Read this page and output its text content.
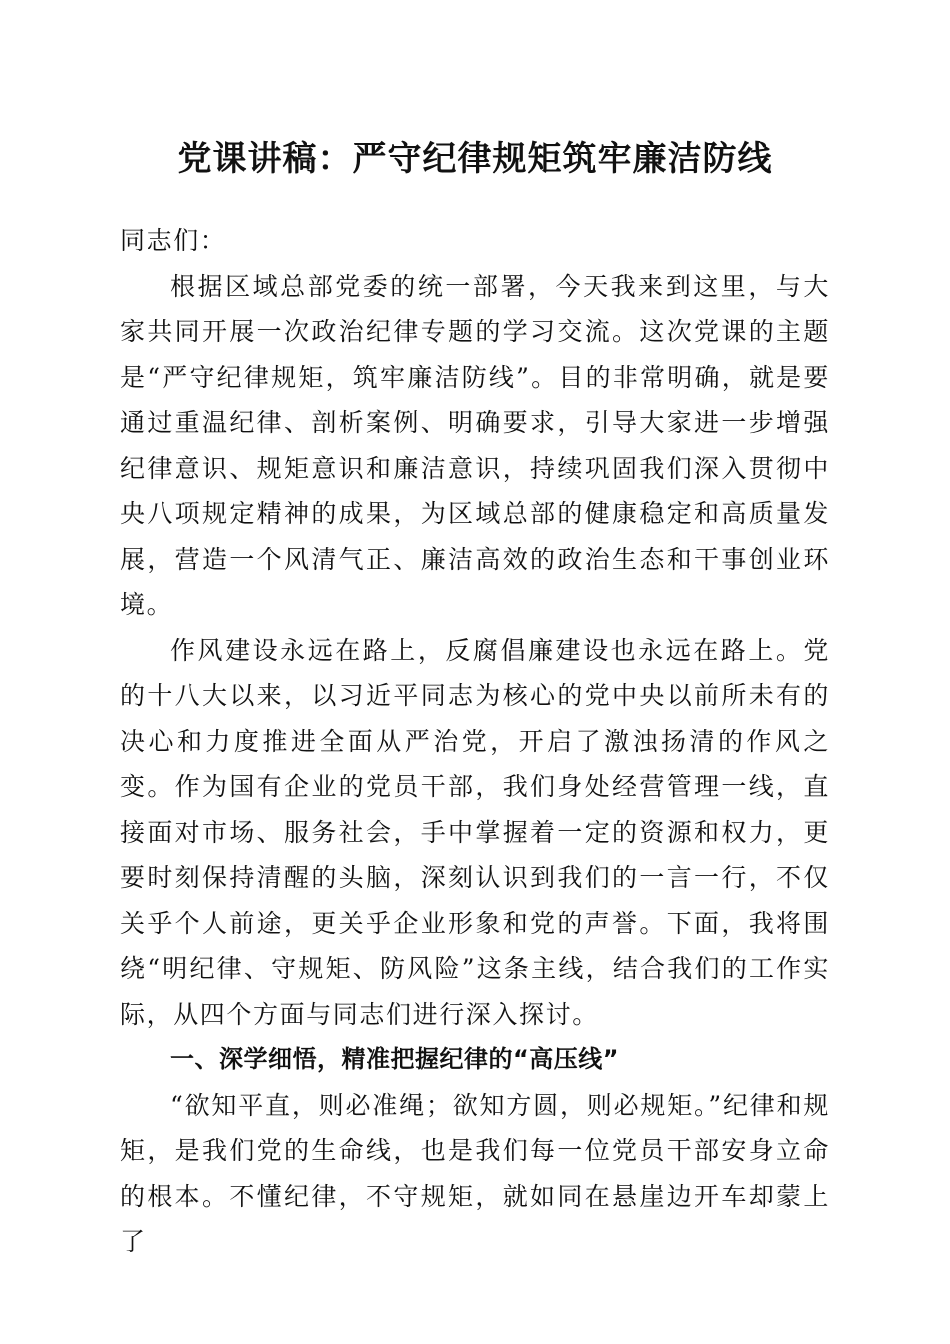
党课讲稿：严守纪律规矩筑牢廉洁防线

同志们：

根据区域总部党委的统一部署，今天我来到这里，与大家共同开展一次政治纪律专题的学习交流。这次党课的主题是“严守纪律规矩，筑牢廉洁防线”。目的非常明确，就是要通过重温纪律、剖析案例、明确要求，引导大家进一步增强纪律意识、规矩意识和廉洁意识，持续巩固我们深入贯彻中央八项规定精神的成果，为区域总部的健康稳定和高质量发展，营造一个风清气正、廉洁高效的政治生态和干事创业环境。

作风建设永远在路上，反腐倡廉建设也永远在路上。党的十八大以来，以习近平同志为核心的党中央以前所未有的决心和力度推进全面从严治党，开启了激浊扬清的作风之变。作为国有企业的党员干部，我们身处经营管理一线，直接面对市场、服务社会，手中掌握着一定的资源和权力，更要时刻保持清醒的头脑，深刻认识到我们的一言一行，不仅关乎个人前途，更关乎企业形象和党的声誉。下面，我将围绕“明纪律、守规矩、防风险”这条主线，结合我们的工作实际，从四个方面与同志们进行深入探讨。

一、深学细悟，精准把握纪律的“高压线”

“欲知平直，则必准绳；欲知方圆，则必规矩。”纪律和规矩，是我们党的生命线，也是我们每一位党员干部安身立命的根本。不懂纪律，不守规矩，就如同在悬崖边开车却蒙上了
